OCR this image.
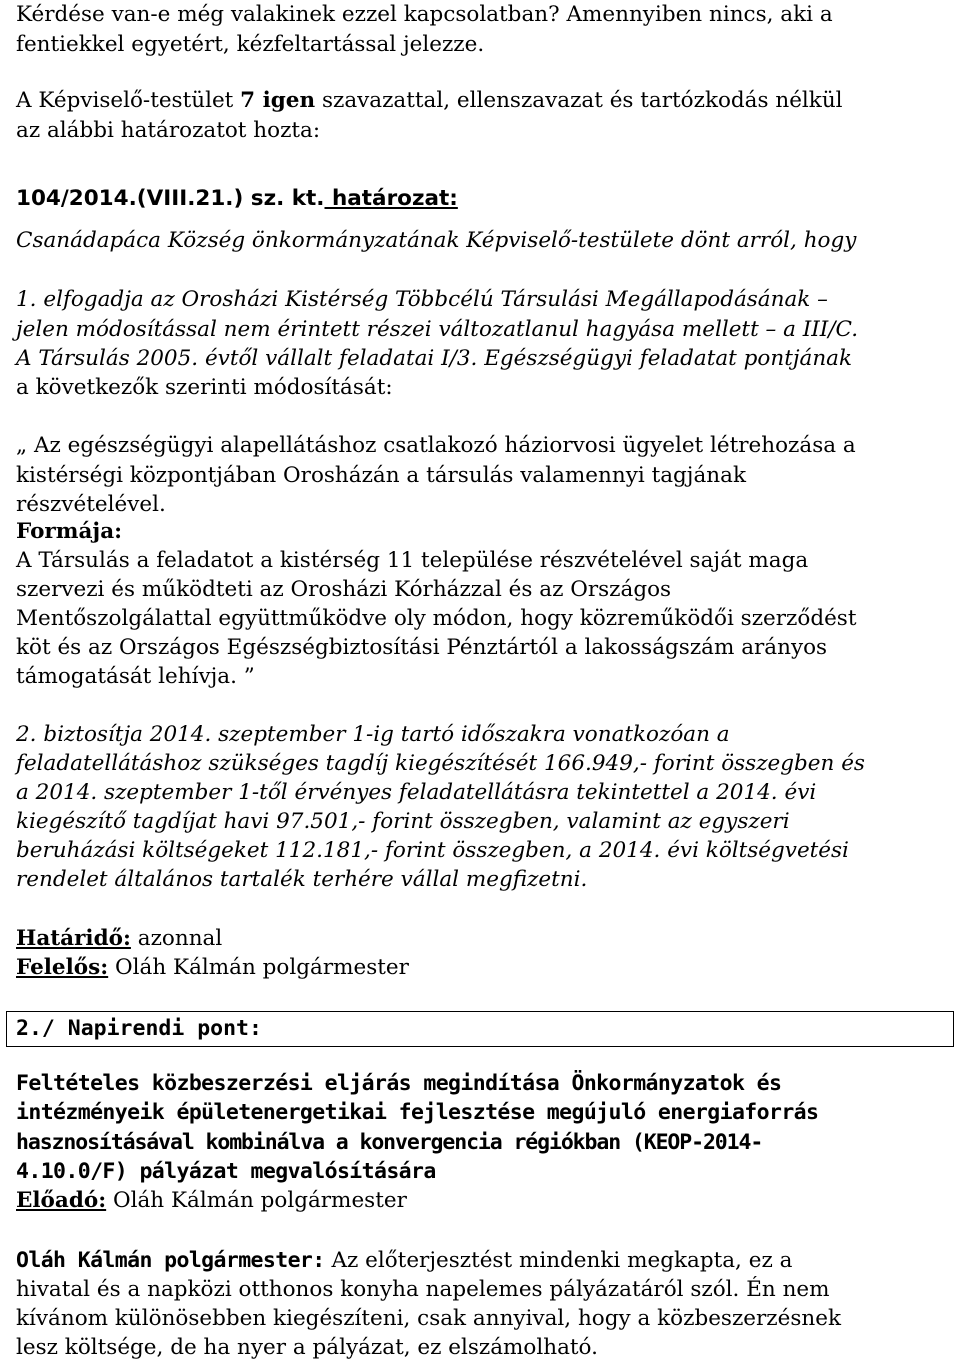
Kérdése van-e még valakinek ezzel kapcsolatban? Amennyiben nincs, aki a

fentiekkel egyetért, kézfeltartással jelezze.

A Képviselő-testület 7 igen szavazattal, ellenszavazat és tartózkodás nélkül

az alábbi határozatot hozta:

104/2014.(VIII.21.) sz. kt. határozat:

Csanádapáca Község önkormányzatának Képviselő-testülete dönt arról, hogy

1. elfogadja az Orosházi Kistérség Többcélú Társulási Megállapodásának –

jelen módosítással nem érintett részei változatlanul hagyása mellett – a III/C.

A Társulás 2005. évtől vállalt feladatai I/3. Egészségügyi feladatat pontjának

a következők szerinti módosítását:

„ Az egészségügyi alapellátáshoz csatlakozó háziorvosi ügyelet létrehozása a

kistérségi központjában Orosházán a társulás valamennyi tagjának

részvételével.

Formája:

A Társulás a feladatot a kistérség 11 települése részvételével saját maga

szervezi és működteti az Orosházi Kórházzal és az Országos

Mentőszolgálattal együttműködve oly módon, hogy közreműködői szerződést

köt és az Országos Egészségbiztosítási Pénztártól a lakosságszám arányos

támogatását lehívja. ”

2. biztosítja 2014. szeptember 1-ig tartó időszakra vonatkozóan a

feladatellátáshoz szükséges tagdíj kiegészítését 166.949,- forint összegben és

a 2014. szeptember 1-től érvényes feladatellátásra tekintettel a 2014. évi

kiegészítő tagdíjat havi 97.501,- forint összegben, valamint az egyszeri

beruházási költségeket 112.181,- forint összegben, a 2014. évi költségvetési

rendelet általános tartalék terhére vállal megfizetni.

Határidő: azonnal

Felelős: Oláh Kálmán polgármester

2./ Napirendi pont:

Feltételes közbeszerzési eljárás megindítása Önkormányzatok és

intézményeik épületenergetikai fejlesztése megújuló energiaforrás

hasznosításával kombinálva a konvergencia régiókban (KEOP-2014-

4.10.0/F) pályázat megvalósítására

Előadó: Oláh Kálmán polgármester

Oláh Kálmán polgármester: Az előterjesztést mindenki megkapta, ez a

hivatal és a napközi otthonos konyha napelemes pályázatáról szól. Én nem

kívánom különösebben kiegészíteni, csak annyival, hogy a közbeszerzésnek

lesz költsége, de ha nyer a pályázat, ez elszámolható.
